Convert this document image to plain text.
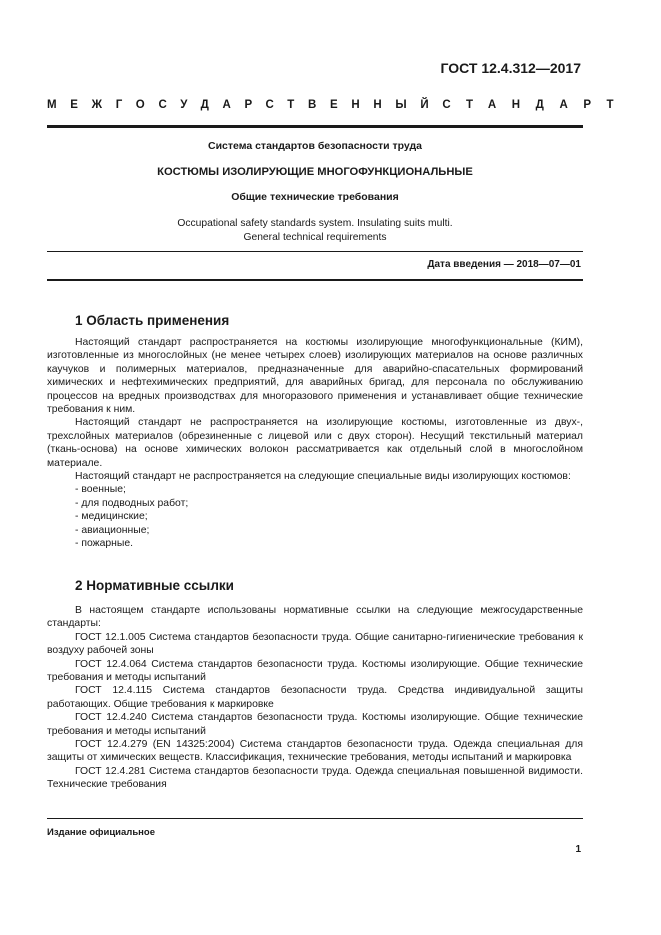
ГОСТ 12.4.312—2017
МЕЖГОСУДАРСТВЕННЫЙ СТАНДАРТ
Система стандартов безопасности труда
КОСТЮМЫ ИЗОЛИРУЮЩИЕ МНОГОФУНКЦИОНАЛЬНЫЕ
Общие технические требования
Occupational safety standards system. Insulating suits multi.
General technical requirements
Дата введения — 2018—07—01
1 Область применения

Настоящий стандарт распространяется на костюмы изолирующие многофункциональные (КИМ), изготовленные из многослойных (не менее четырех слоев) изолирующих материалов на основе различных каучуков и полимерных материалов, предназначенные для аварийно-спасательных формирований химических и нефтехимических предприятий, для аварийных бригад, для персонала по обслуживанию процессов на вредных производствах для многоразового применения и устанавливает общие технические требования к ним.

Настоящий стандарт не распространяется на изолирующие костюмы, изготовленные из двух-, трехслойных материалов (обрезиненные с лицевой или с двух сторон). Несущий текстильный материал (ткань-основа) на основе химических волокон рассматривается как отдельный слой в многослойном материале.

Настоящий стандарт не распространяется на следующие специальные виды изолирующих костюмов:

- военные;
- для подводных работ;
- медицинские;
- авиационные;
- пожарные.
2 Нормативные ссылки

В настоящем стандарте использованы нормативные ссылки на следующие межгосударственные стандарты:

ГОСТ 12.1.005 Система стандартов безопасности труда. Общие санитарно-гигиенические требования к воздуху рабочей зоны

ГОСТ 12.4.064 Система стандартов безопасности труда. Костюмы изолирующие. Общие технические требования и методы испытаний

ГОСТ 12.4.115 Система стандартов безопасности труда. Средства индивидуальной защиты работающих. Общие требования к маркировке

ГОСТ 12.4.240 Система стандартов безопасности труда. Костюмы изолирующие. Общие технические требования и методы испытаний

ГОСТ 12.4.279 (EN 14325:2004) Система стандартов безопасности труда. Одежда специальная для защиты от химических веществ. Классификация, технические требования, методы испытаний и маркировка

ГОСТ 12.4.281 Система стандартов безопасности труда. Одежда специальная повышенной видимости. Технические требования

Издание официальное
1
